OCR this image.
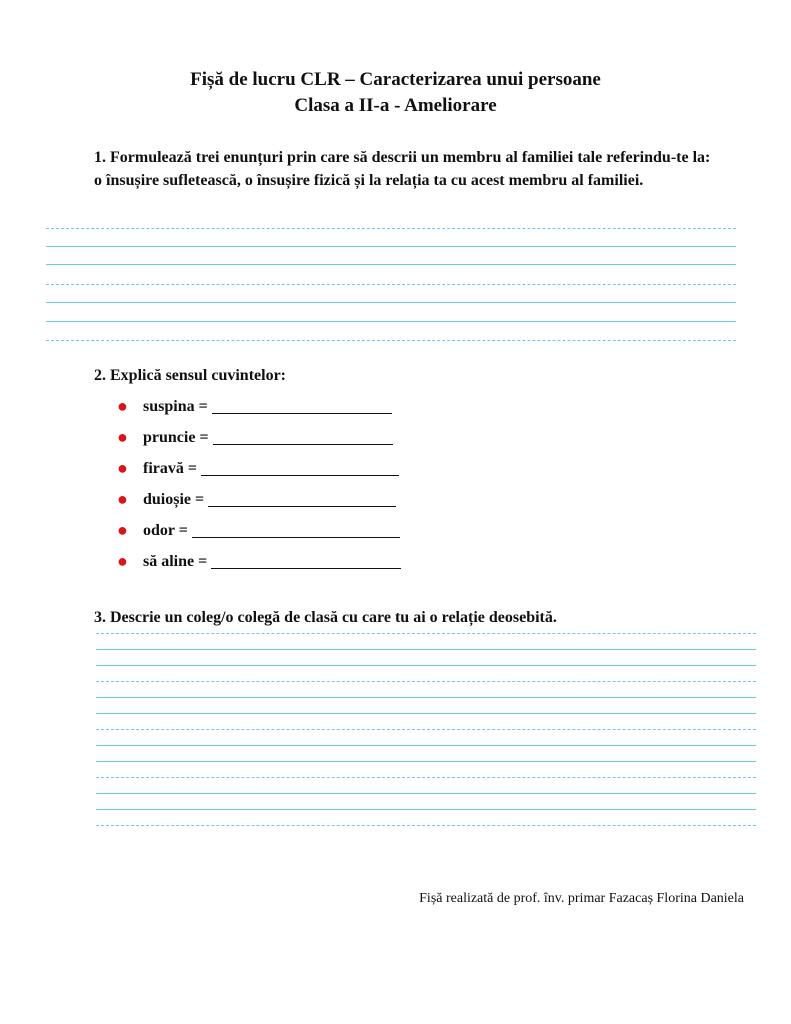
Fișă de lucru CLR – Caracterizarea unui persoane
Clasa a II-a - Ameliorare
1. Formulează trei enunțuri prin care să descrii un membru al familiei tale referindu-te la: o însușire sufletească, o însușire fizică și la relația ta cu acest membru al familiei.
2. Explică sensul cuvintelor:
● suspina =
● pruncie =
● firavă =
● duioșie =
● odor =
● să aline =
3. Descrie un coleg/o colegă de clasă cu care tu ai o relație deosebită.
Fișă realizată de prof. înv. primar Fazacaș Florina Daniela
